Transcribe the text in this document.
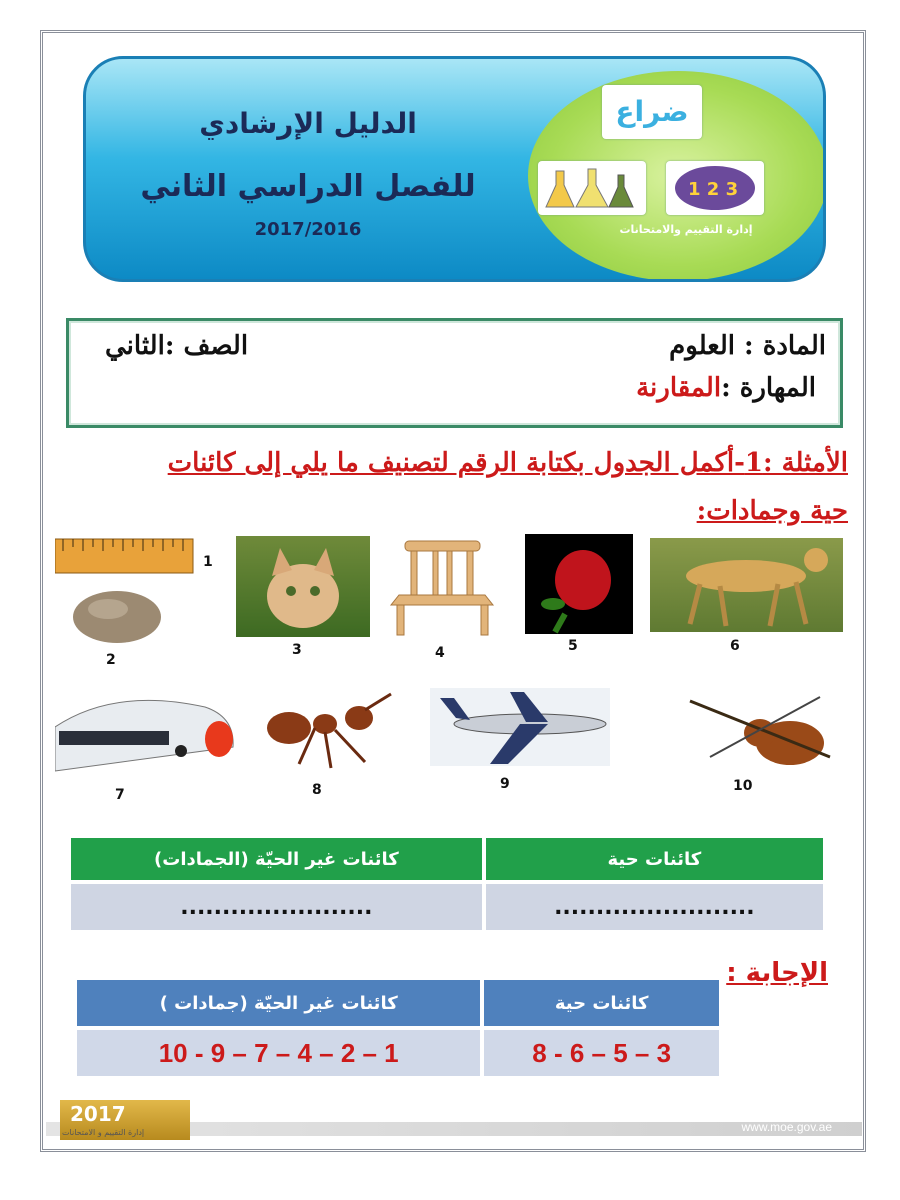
ضراع
1 2 3
إدارة التقييم والامتحانات
الدليل الإرشادي
للفصل الدراسي الثاني
2017/2016
المادة : العلوم
الصف :الثاني
المهارة :المقارنة
الأمثلة :1-أكمل الجدول بكتابة الرقم لتصنيف ما يلي إلى كائنات
حية وجمادات:
1
2
3	4	5	6
7	8	9	10
كائنات حية	كائنات غير الحيّة (الجمادات)
........................	.......................
الإجابة :
كائنات حية	كائنات غير الحيّة (جمادات )
8 - 6 – 5 – 3	10 - 9 – 7 – 4 – 2 – 1
2017
إدارة التقييم و الامتحانات	www.moe.gov.ae
